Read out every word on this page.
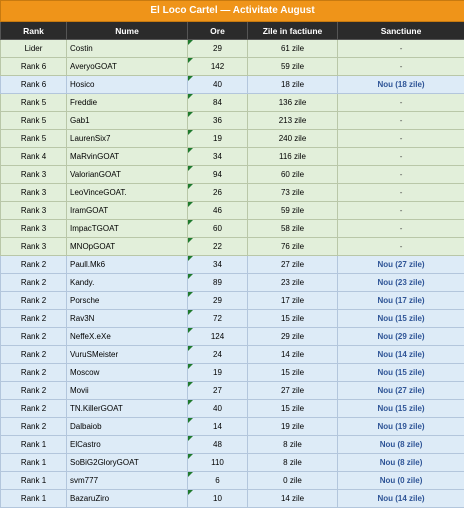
El Loco Cartel — Activitate August				
Rank	Nume	Ore	Zile in factiune	Sanctiune
Lider	Costin	29	61 zile	-
Rank 6	AveryoGOAT	142	59 zile	-
Rank 6	Hosico	40	18 zile	Nou (18 zile)
Rank 5	Freddie	84	136 zile	-
Rank 5	Gab1	36	213 zile	-
Rank 5	LaurenSix7	19	240 zile	-
Rank 4	MaRvinGOAT	34	116 zile	-
Rank 3	ValorianGOAT	94	60 zile	-
Rank 3	LeoVinceGOAT.	26	73 zile	-
Rank 3	IramGOAT	46	59 zile	-
Rank 3	ImpacTGOAT	60	58 zile	-
Rank 3	MNOpGOAT	22	76 zile	-
Rank 2	Paull.Mk6	34	27 zile	Nou (27 zile)
Rank 2	Kandy.	89	23 zile	Nou (23 zile)
Rank 2	Porsche	29	17 zile	Nou (17 zile)
Rank 2	Rav3N	72	15 zile	Nou (15 zile)
Rank 2	NeffeX.eXe	124	29 zile	Nou (29 zile)
Rank 2	VuruSMeister	24	14 zile	Nou (14 zile)
Rank 2	Moscow	19	15 zile	Nou (15 zile)
Rank 2	Movii	27	27 zile	Nou (27 zile)
Rank 2	TN.KillerGOAT	40	15 zile	Nou (15 zile)
Rank 2	Dalbaiob	14	19 zile	Nou (19 zile)
Rank 1	ElCastro	48	8 zile	Nou (8 zile)
Rank 1	SoBiG2GloryGOAT	110	8 zile	Nou (8 zile)
Rank 1	svm777	6	0 zile	Nou (0 zile)
Rank 1	BazaruZiro	10	14 zile	Nou (14 zile)
